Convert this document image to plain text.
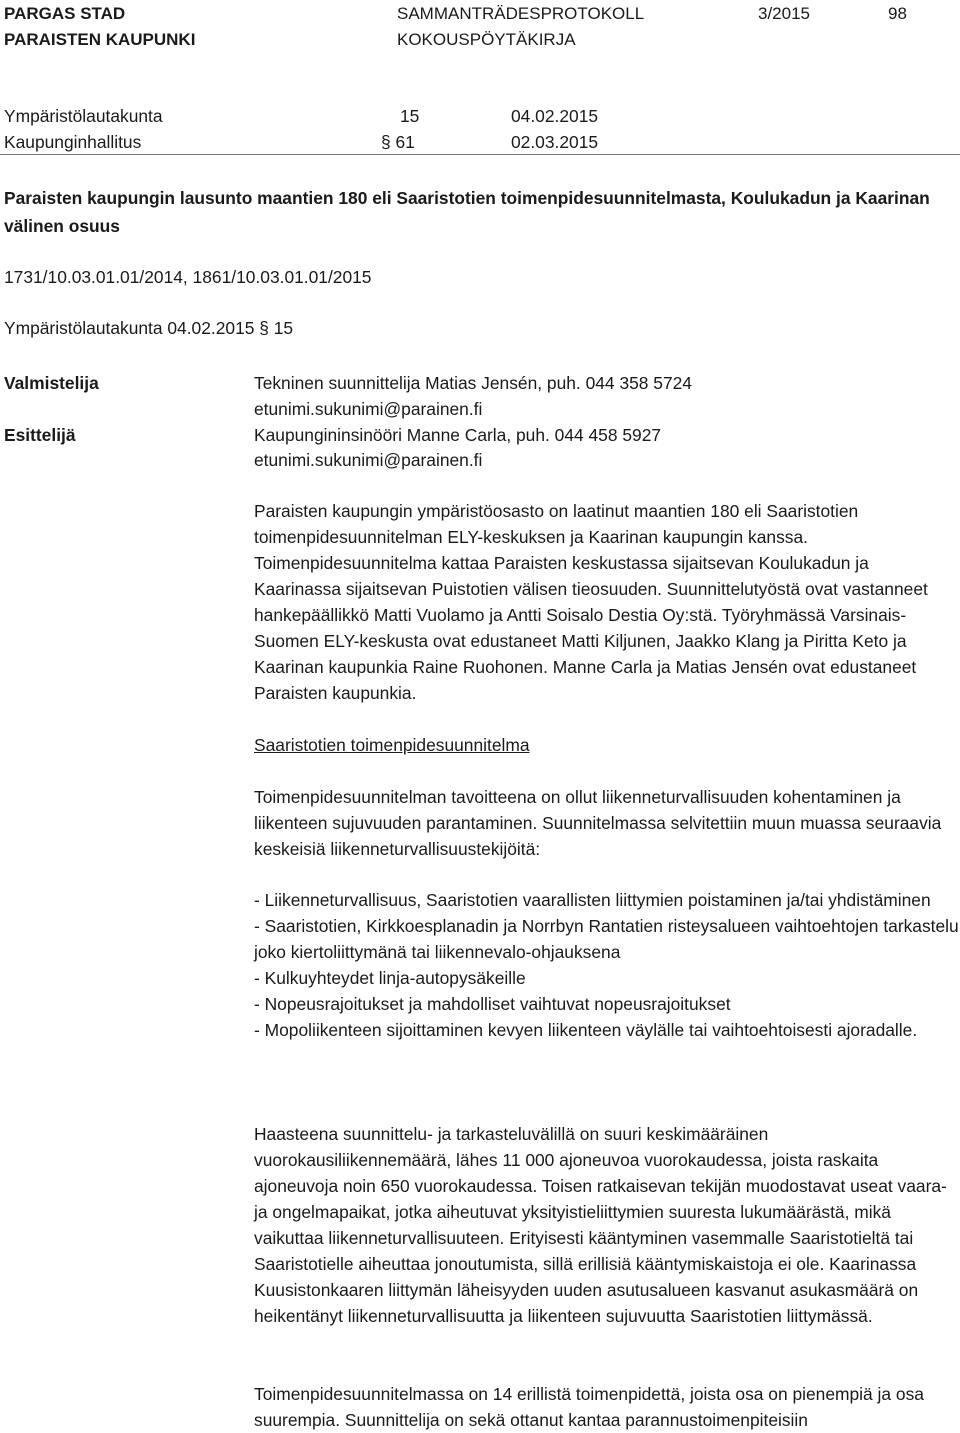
PARGAS STAD
PARAISTEN KAUPUNKI
SAMMANTRÄDESPROTOKOLL
KOKOUSPÖYTÄKIRJA
3/2015	98
Ympäristölautakunta	15	04.02.2015
Kaupunginhallitus	§ 61	02.03.2015
Paraisten kaupungin lausunto maantien 180 eli Saaristotien toimenpidesuunnitelmasta, Koulukadun ja Kaarinan välinen osuus
1731/10.03.01.01/2014, 1861/10.03.01.01/2015
Ympäristölautakunta 04.02.2015 § 15
Valmistelija	Tekninen suunnittelija Matias Jensén, puh. 044 358 5724
etunimi.sukunimi@parainen.fi
Esittelijä	Kaupungininsinööri Manne Carla, puh. 044 458 5927
etunimi.sukunimi@parainen.fi

Paraisten kaupungin ympäristöosasto on laatinut maantien 180 eli Saaristotien toimenpidesuunnitelman ELY-keskuksen ja Kaarinan kaupungin kanssa. Toimenpidesuunnitelma kattaa Paraisten keskustassa sijaitsevan Koulukadun ja Kaarinassa sijaitsevan Puistotien välisen tieosuuden. Suunnittelutyöstä ovat vastanneet hankepäällikkö Matti Vuolamo ja Antti Soisalo Destia Oy:stä. Työryhmässä Varsinais-Suomen ELY-keskusta ovat edustaneet Matti Kiljunen, Jaakko Klang ja Piritta Keto ja Kaarinan kaupunkia Raine Ruohonen. Manne Carla ja Matias Jensén ovat edustaneet Paraisten kaupunkia.

Saaristotien toimenpidesuunnitelma

Toimenpidesuunnitelman tavoitteena on ollut liikenneturvallisuuden kohentaminen ja liikenteen sujuvuuden parantaminen. Suunnitelmassa selvitettiin muun muassa seuraavia keskeisiä liikenneturvallisuustekijöitä:

- Liikenneturvallisuus, Saaristotien vaarallisten liittymien poistaminen ja/tai yhdistäminen

- Saaristotien, Kirkkoesplanadin ja Norrbyn Rantatien risteysalueen vaihtoehtojen tarkastelu joko kiertoliittymänä tai liikennevalo-ohjauksena

- Kulkuyhteydet linja-autopysäkeille

- Nopeusrajoitukset ja mahdolliset vaihtuvat nopeusrajoitukset

- Mopoliikenteen sijoittaminen kevyen liikenteen väylälle tai vaihtoehtoisesti ajoradalle.

Haasteena suunnittelu- ja tarkasteluvälillä on suuri keskimääräinen vuorokausiliikennemäärä, lähes 11 000 ajoneuvoa vuorokaudessa, joista raskaita ajoneuvoja noin 650 vuorokaudessa. Toisen ratkaisevan tekijän muodostavat useat vaara- ja ongelmapaikat, jotka aiheutuvat yksityistieliittymien suuresta lukumäärästä, mikä vaikuttaa liikenneturvallisuuteen. Erityisesti kääntyminen vasemmalle Saaristotieltä tai Saaristotielle aiheuttaa jonoutumista, sillä erillisiä kääntymiskaistoja ei ole. Kaarinassa Kuusistonkaaren liittymän läheisyyden uuden asutusalueen kasvanut asukasmäärä on heikentänyt liikenneturvallisuutta ja liikenteen sujuvuutta Saaristotien liittymässä.

Toimenpidesuunnitelmassa on 14 erillistä toimenpidettä, joista osa on pienempiä ja osa suurempia. Suunnittelija on sekä ottanut kantaa parannustoimenpiteisiin
